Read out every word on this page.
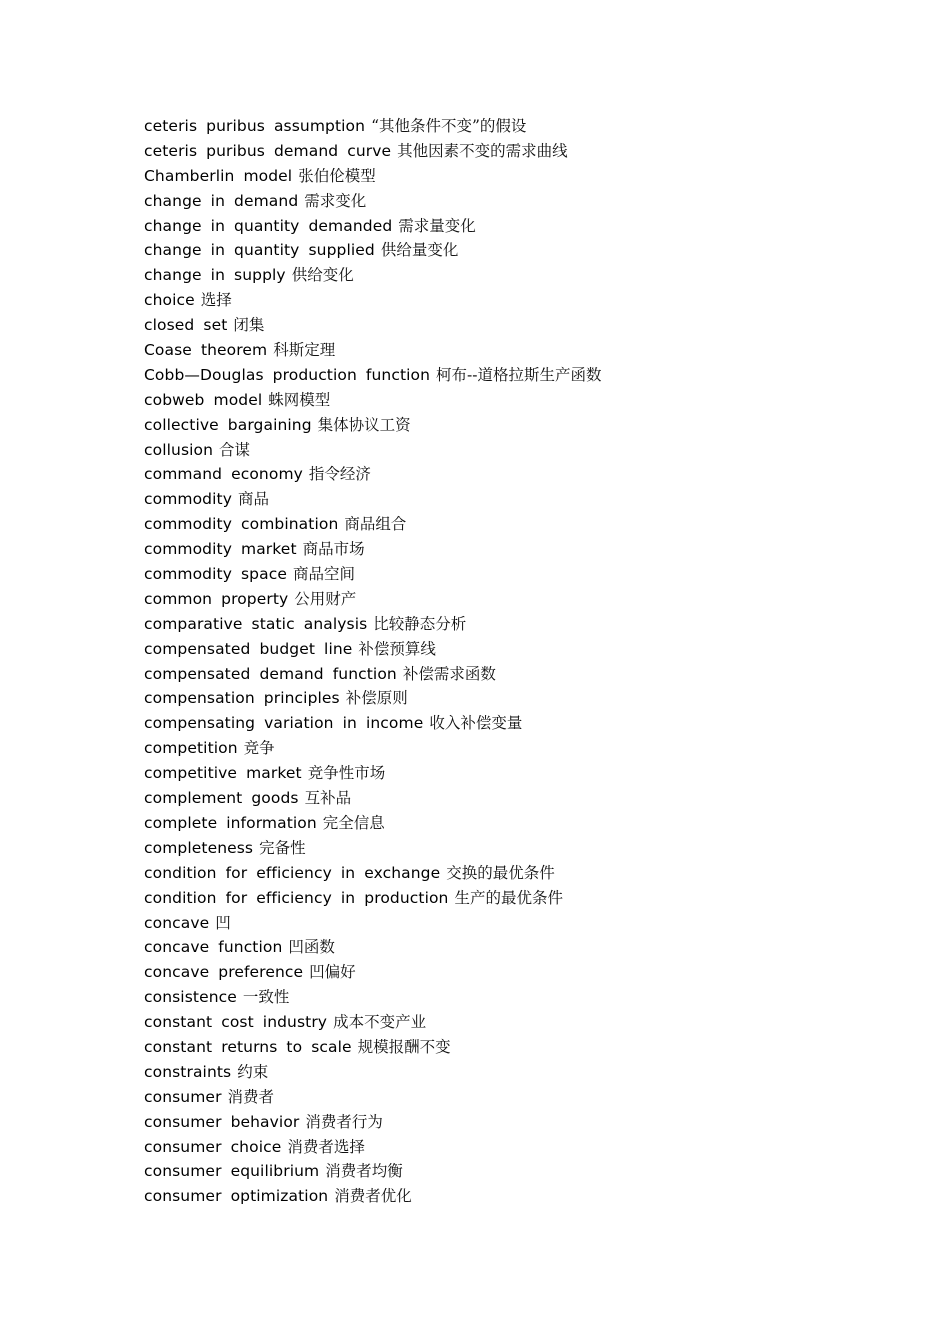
ceteris puribus assumption “其他条件不变”的假设
ceteris puribus demand curve 其他因素不变的需求曲线
Chamberlin model 张伯伦模型
change in demand 需求变化
change in quantity demanded 需求量变化
change in quantity supplied 供给量变化
change in supply 供给变化
choice 选择
closed set 闭集
Coase theorem 科斯定理
Cobb—Douglas production function 柯布--道格拉斯生产函数
cobweb model 蛛网模型
collective bargaining 集体协议工资
collusion 合谋
command economy 指令经济
commodity 商品
commodity combination 商品组合
commodity market 商品市场
commodity space 商品空间
common property 公用财产
comparative static analysis 比较静态分析
compensated budget line 补偿预算线
compensated demand function 补偿需求函数
compensation principles 补偿原则
compensating variation in income 收入补偿变量
competition 竞争
competitive market 竞争性市场
complement goods 互补品
complete information 完全信息
completeness 完备性
condition for efficiency in exchange 交换的最优条件
condition for efficiency in production 生产的最优条件
concave 凹
concave function 凹函数
concave preference 凹偏好
consistence 一致性
constant cost industry 成本不变产业
constant returns to scale 规模报酬不变
constraints 约束
consumer 消费者
consumer behavior 消费者行为
consumer choice 消费者选择
consumer equilibrium 消费者均衡
consumer optimization 消费者优化
